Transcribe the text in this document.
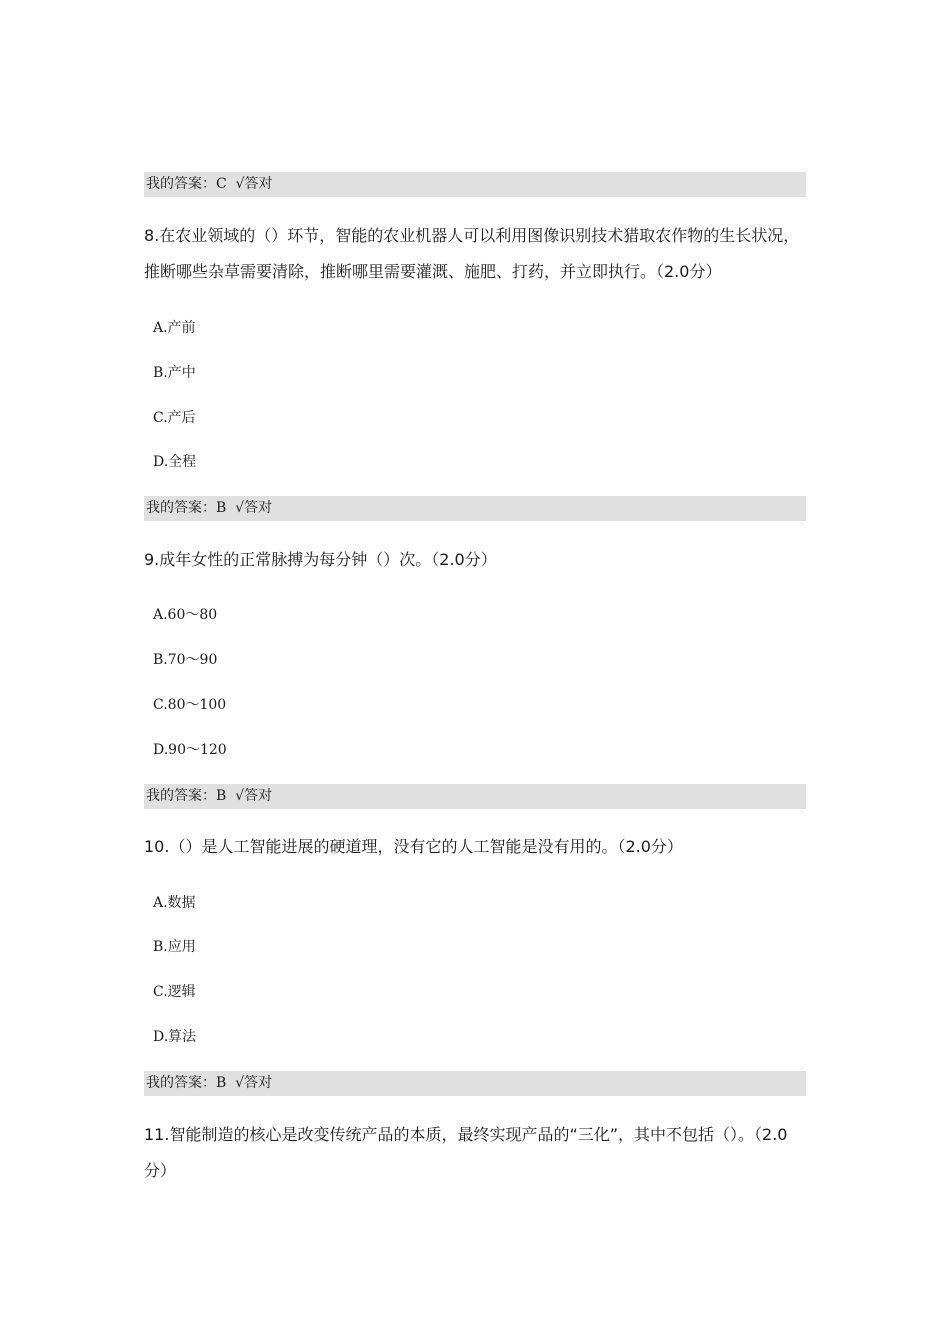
我的答案：C  √答对

8.在农业领域的（）环节，智能的农业机器人可以利用图像识别技术猎取农作物的生长状况，推断哪些杂草需要清除，推断哪里需要灌溉、施肥、打药，并立即执行。（2.0分）

A.产前
B.产中
C.产后
D.全程
我的答案：B  √答对

9.成年女性的正常脉搏为每分钟（）次。（2.0分）

A.60～80
B.70～90
C.80～100
D.90～120
我的答案：B  √答对

10.（）是人工智能进展的硬道理，没有它的人工智能是没有用的。（2.0分）

A.数据
B.应用
C.逻辑
D.算法
我的答案：B  √答对

11.智能制造的核心是改变传统产品的本质，最终实现产品的“三化”，其中不包括（）。（2.0分）
